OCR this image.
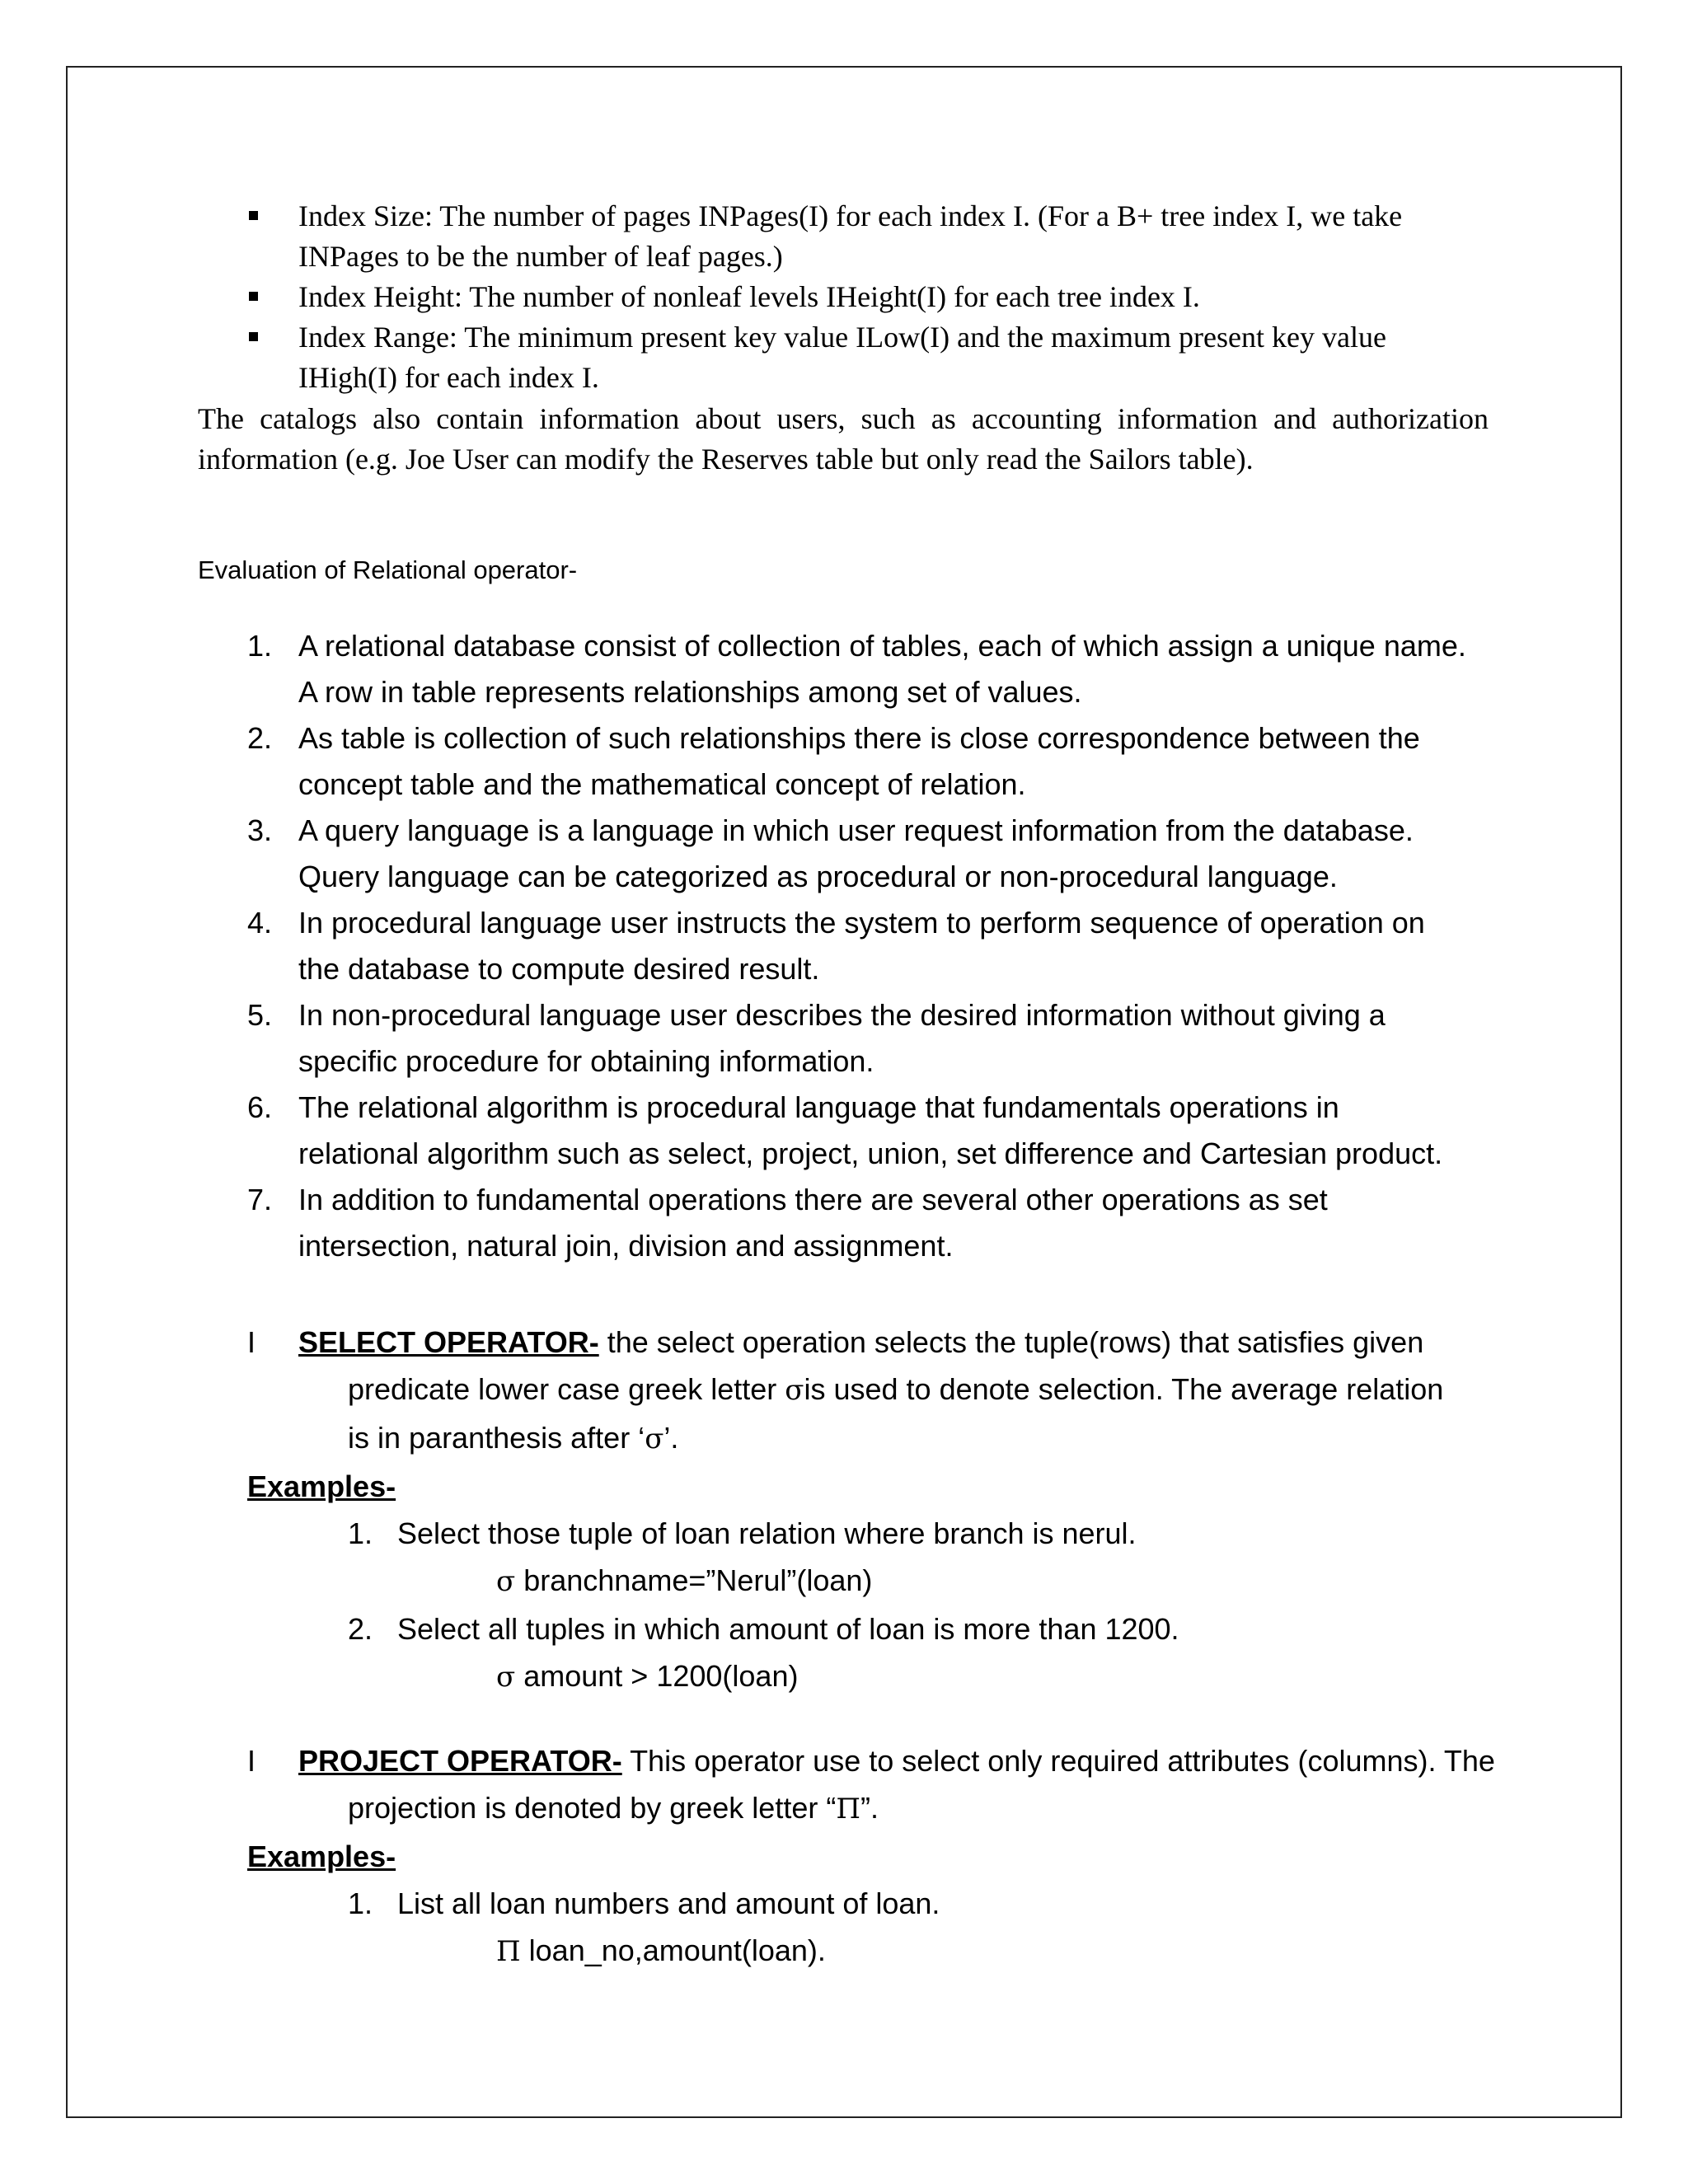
Index Size: The number of pages INPages(I) for each index I. (For a B+ tree index I, we take
INPages to be the number of leaf pages.)
Index Height: The number of nonleaf levels IHeight(I) for each tree index I.
Index Range: The minimum present key value ILow(I) and the maximum present key value
IHigh(I) for each index I.
The catalogs also contain information about users, such as accounting information and authorization information (e.g. Joe User can modify the Reserves table but only read the Sailors table).
Evaluation of Relational operator-
1. A relational database consist of collection of tables, each of which assign a unique name.
A row in table represents relationships among set of values.
2. As table is collection of such relationships there is close correspondence between the
concept table and the mathematical concept of relation.
3. A query language is a language in which user request information from the database.
Query language can be categorized as procedural or non-procedural language.
4. In procedural language user instructs the system to perform sequence of operation on
the database to compute desired result.
5. In non-procedural language user describes the desired information without giving a
specific procedure for obtaining information.
6. The relational algorithm is procedural language that fundamentals operations in
relational algorithm such as select, project, union, set difference and Cartesian product.
7. In addition to fundamental operations there are several other operations as set
intersection, natural join, division and assignment.
I SELECT OPERATOR- the select operation selects the tuple(rows) that satisfies given
predicate lower case greek letter σis used to denote selection. The average relation
is in paranthesis after ‘σ’.
Examples-
1. Select those tuple of loan relation where branch is nerul.
σ branchname=”Nerul”(loan)
2. Select all tuples in which amount of loan is more than 1200.
σ amount > 1200(loan)
I PROJECT OPERATOR- This operator use to select only required attributes (columns). The
projection is denoted by greek letter “Π”.
Examples-
1. List all loan numbers and amount of loan.
Π loan_no,amount(loan).
